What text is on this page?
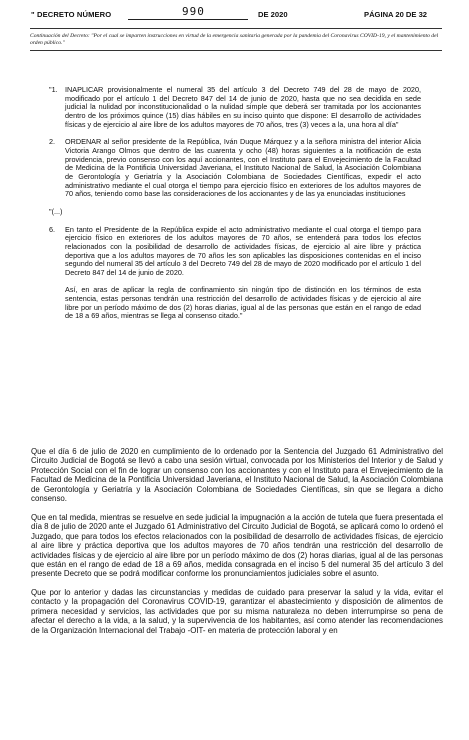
" DECRETO NÚMERO	990	DE 2020	PÁGINA 20 DE 32
Continuación del Decreto: "Por el cual se imparten instrucciones en virtud de la emergencia sanitaria generada por la pandemia del Coronavirus COVID-19, y el mantenimiento del orden público."
"1.	INAPLICAR provisionalmente el numeral 35 del artículo 3 del Decreto 749 del 28 de mayo de 2020, modificado por el artículo 1 del Decreto 847 del 14 de junio de 2020, hasta que no sea decidida en sede judicial la nulidad por inconstitucionalidad o la nulidad simple que deberá ser tramitada por los accionantes dentro de los próximos quince (15) días hábiles en su inciso quinto que dispone: El desarrollo de actividades físicas y de ejercicio al aire libre de los adultos mayores de 70 años, tres (3) veces a la, una hora al día"
2.	ORDENAR al señor presidente de la República, Iván Duque Márquez y a la señora ministra del interior Alicia Victoria Arango Olmos que dentro de las cuarenta y ocho (48) horas siguientes a la notificación de esta providencia, previo consenso con los aquí accionantes, con el Instituto para el Envejecimiento de la Facultad de Medicina de la Pontificia Universidad Javeriana, el Instituto Nacional de Salud, la Asociación Colombiana de Gerontología y Geriatría y la Asociación Colombiana de Sociedades Científicas, expedir el acto administrativo mediante el cual otorga el tiempo para ejercicio físico en exteriores de los adultos mayores de 70 años, teniendo como base las consideraciones de los accionantes y de las ya enunciadas instituciones
"(...)
6.	En tanto el Presidente de la República expide el acto administrativo mediante el cual otorga el tiempo para ejercicio físico en exteriores de los adultos mayores de 70 años, se entenderá para todos los efectos relacionados con la posibilidad de desarrollo de actividades físicas, de ejercicio al aire libre y práctica deportiva que a los adultos mayores de 70 años les son aplicables las disposiciones contenidas en el inciso segundo del numeral 35 del artículo 3 del Decreto 749 del 28 de mayo de 2020 modificado por el artículo 1 del Decreto 847 del 14 de junio de 2020.
Así, en aras de aplicar la regla de confinamiento sin ningún tipo de distinción en los términos de esta sentencia, estas personas tendrán una restricción del desarrollo de actividades físicas y de ejercicio al aire libre por un período máximo de dos (2) horas diarias, igual al de las personas que están en el rango de edad de 18 a 69 años, mientras se llega al consenso citado."

Que el día 6 de julio de 2020 en cumplimiento de lo ordenado por la Sentencia del Juzgado 61 Administrativo del Circuito Judicial de Bogotá se llevó a cabo una sesión virtual, convocada por los Ministerios del Interior y de Salud y Protección Social con el fin de lograr un consenso con los accionantes y con el Instituto para el Envejecimiento de la Facultad de Medicina de la Pontificia Universidad Javeriana, el Instituto Nacional de Salud, la Asociación Colombiana de Gerontología y Geriatría y la Asociación Colombiana de Sociedades Científicas, sin que se llegara a dicho consenso.

Que en tal medida, mientras se resuelve en sede judicial la impugnación a la acción de tutela que fuera presentada el día 8 de julio de 2020 ante el Juzgado 61 Administrativo del Circuito Judicial de Bogotá, se aplicará como lo ordenó el Juzgado, que para todos los efectos relacionados con la posibilidad de desarrollo de actividades físicas, de ejercicio al aire libre y práctica deportiva que los adultos mayores de 70 años tendrán una restricción del desarrollo de actividades físicas y de ejercicio al aire libre por un período máximo de dos (2) horas diarias, igual al de las personas que están en el rango de edad de 18 a 69 años, medida consagrada en el inciso 5 del numeral 35 del artículo 3 del presente Decreto que se podrá modificar conforme los pronunciamientos judiciales sobre el asunto.

Que por lo anterior y dadas las circunstancias y medidas de cuidado para preservar la salud y la vida, evitar el contacto y la propagación del Coronavirus COVID-19, garantizar el abastecimiento y disposición de alimentos de primera necesidad y servicios, las actividades que por su misma naturaleza no deben interrumpirse so pena de afectar el derecho a la vida, a la salud, y la supervivencia de los habitantes, así como atender las recomendaciones de la Organización Internacional del Trabajo -OIT- en materia de protección laboral y en
